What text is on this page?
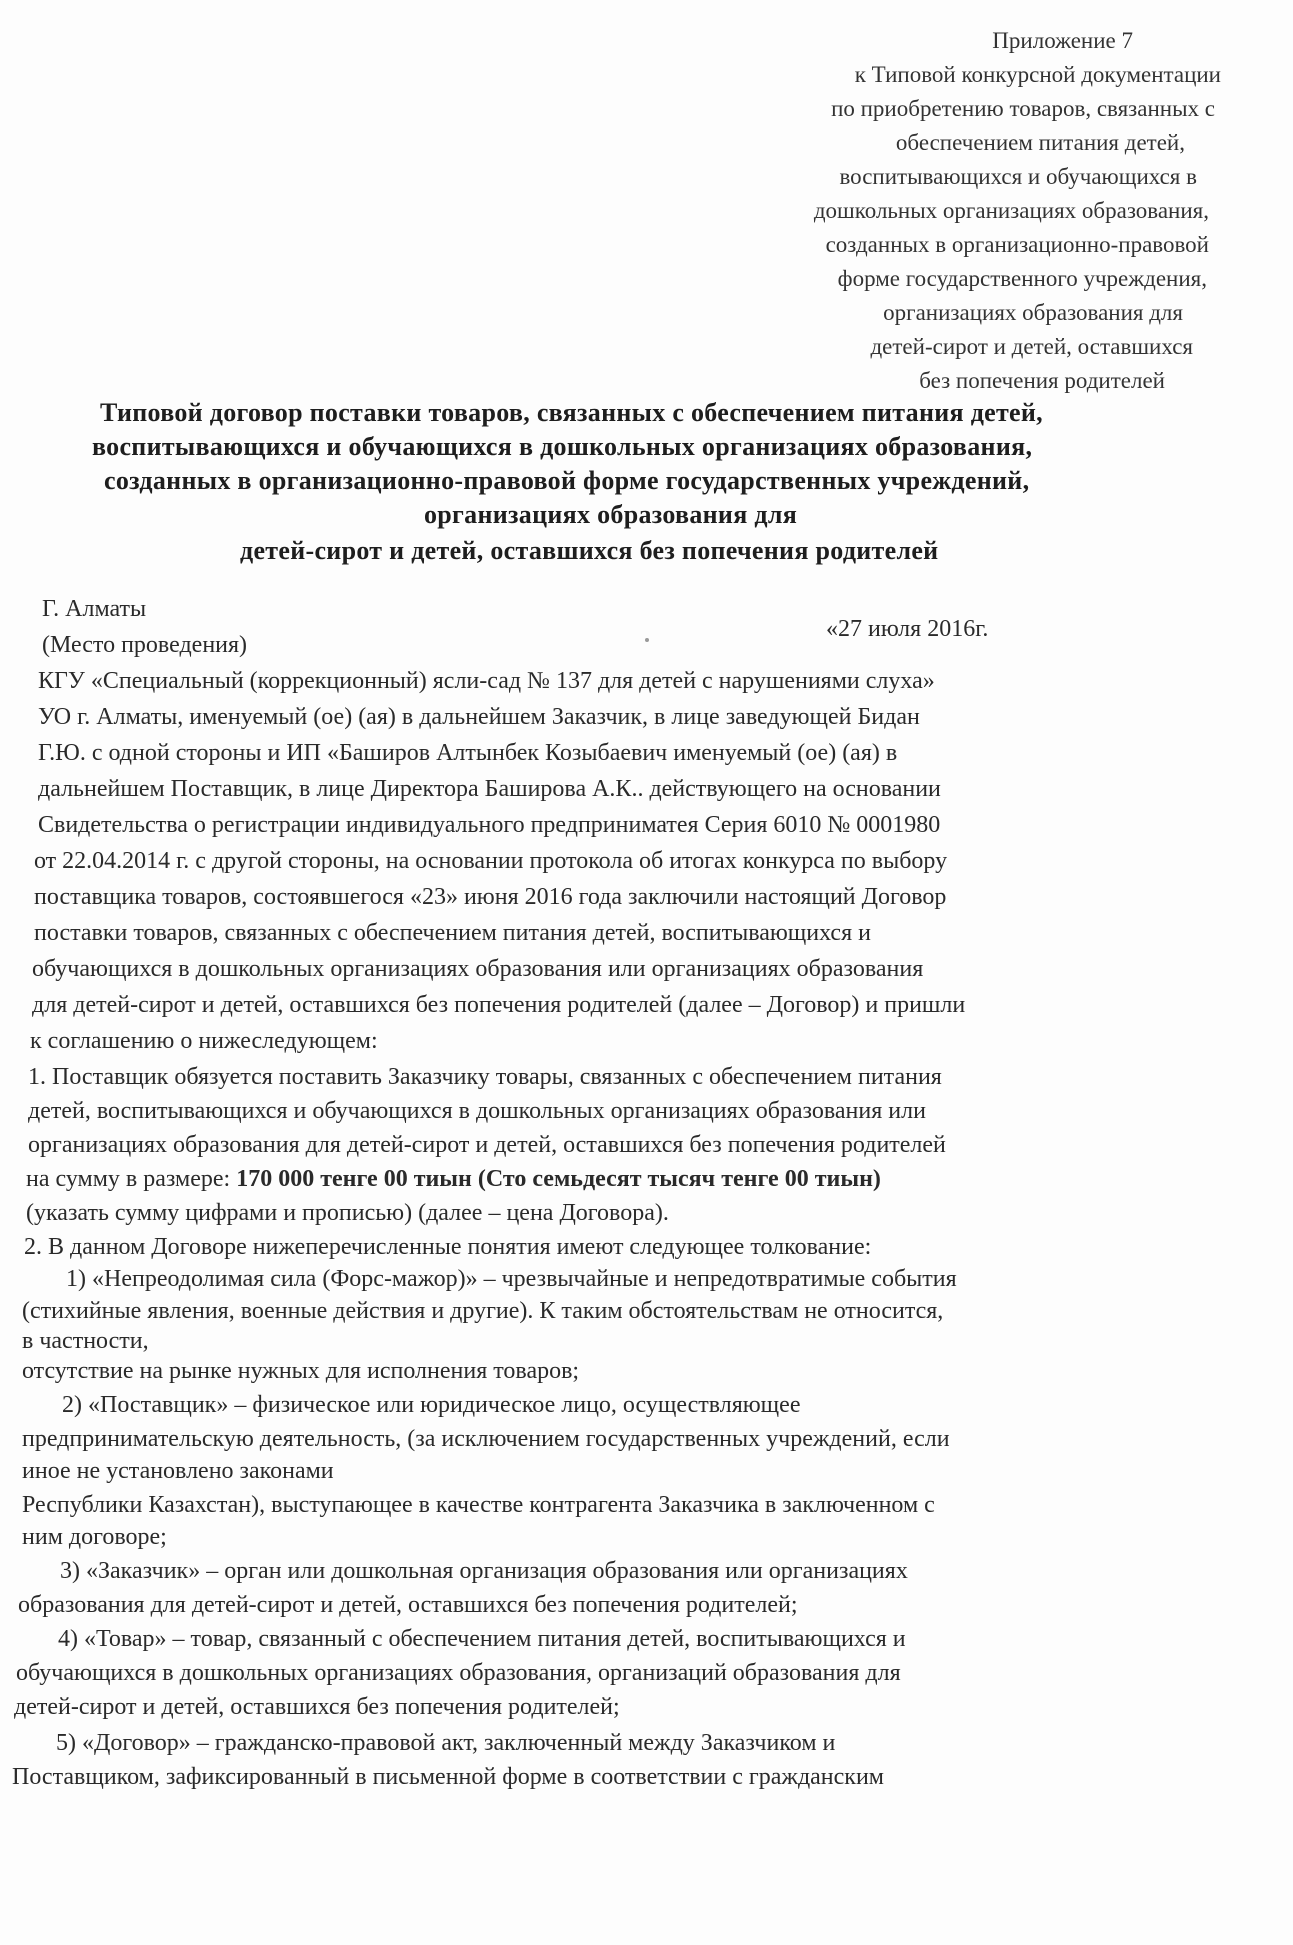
Приложение 7
к Типовой конкурсной документации
по приобретению товаров, связанных с
обеспечением питания детей,
воспитывающихся и обучающихся в
дошкольных организациях образования,
созданных в организационно-правовой
форме государственного учреждения,
организациях образования для
детей-сирот и детей, оставшихся
без попечения родителей
Типовой договор поставки товаров, связанных с обеспечением питания детей,
воспитывающихся и обучающихся в дошкольных организациях образования,
созданных в организационно-правовой форме государственных учреждений,
организациях образования для
детей-сирот и детей, оставшихся без попечения родителей
Г. Алматы
(Место проведения)
«27 июля 2016г.
КГУ «Специальный (коррекционный) ясли-сад № 137 для детей с нарушениями слуха»
УО г. Алматы, именуемый (ое) (ая) в дальнейшем Заказчик, в лице заведующей Бидан
Г.Ю. с одной стороны и ИП «Баширов Алтынбек Козыбаевич именуемый (ое) (ая) в
дальнейшем Поставщик, в лице Директора Баширова А.К.. действующего на основании
Свидетельства о регистрации индивидуального предприниматея Серия 6010 № 0001980
от 22.04.2014 г. с другой стороны, на основании протокола об итогах конкурса по выбору
поставщика товаров, состоявшегося «23» июня 2016 года заключили настоящий Договор
поставки товаров, связанных с обеспечением питания детей, воспитывающихся и
обучающихся в дошкольных организациях образования или организациях образования
для детей-сирот и детей, оставшихся без попечения родителей (далее – Договор) и пришли
к соглашению о нижеследующем:
1. Поставщик обязуется поставить Заказчику товары, связанных с обеспечением питания
детей, воспитывающихся и обучающихся в дошкольных организациях образования или
организациях образования для детей-сирот и детей, оставшихся без попечения родителей
на сумму в размере: 170 000 тенге 00 тиын (Сто семьдесят тысяч тенге 00 тиын)
(указать сумму цифрами и прописью) (далее – цена Договора).
2. В данном Договоре нижеперечисленные понятия имеют следующее толкование:
1) «Непреодолимая сила (Форс-мажор)» – чрезвычайные и непредотвратимые события
(стихийные явления, военные действия и другие). К таким обстоятельствам не относится,
в частности,
отсутствие на рынке нужных для исполнения товаров;
2) «Поставщик» – физическое или юридическое лицо, осуществляющее
предпринимательскую деятельность, (за исключением государственных учреждений, если
иное не установлено законами
Республики Казахстан), выступающее в качестве контрагента Заказчика в заключенном с
ним договоре;
3) «Заказчик» – орган или дошкольная организация образования или организациях
образования для детей-сирот и детей, оставшихся без попечения родителей;
4) «Товар» – товар, связанный с обеспечением питания детей, воспитывающихся и
обучающихся в дошкольных организациях образования, организаций образования для
детей-сирот и детей, оставшихся без попечения родителей;
5) «Договор» – гражданско-правовой акт, заключенный между Заказчиком и
Поставщиком, зафиксированный в письменной форме в соответствии с гражданским
